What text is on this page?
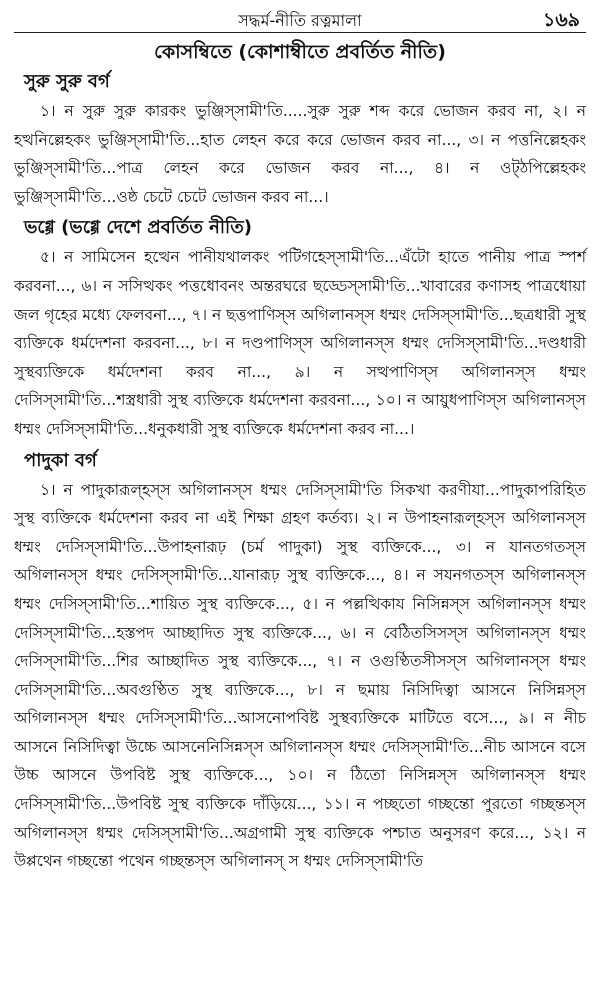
সদ্ধর্ম-নীতি রত্নমালা	১৬৯
কোসম্বিতে (কোশাম্বীতে প্রবর্তিত নীতি)
সুরু সুরু বর্গ

১। ন সুরু সুরু কারকং ভুঞ্জিস্সামী'তি.....সুরু সুরু শব্দ করে ভোজন করব না, ২। ন হত্থনিল্লেহকং ভুঞ্জিস্সামী'তি...হাত লেহন করে করে ভোজন করব না..., ৩। ন পত্তনিল্লেহকং ভুঞ্জিস্সামী'তি...পাত্র লেহন করে ভোজন করব না..., ৪। ন ওট্‌ঠপিল্লেহকং ভুঞ্জিস্সামী'তি...ওষ্ঠ চেটে চেটে ভোজন করব না...।

ভগ্গে (ভগ্গে দেশে প্রবর্তিত নীতি)

৫। ন সামিসেন হত্থেন পানীযথালকং পটিগহেস্সামী'তি...এঁটো হাতে পানীয় পাত্র স্পর্শ করবনা..., ৬। ন সসিত্থকং পত্তধোবনং অন্তরঘরে ছড্ডেস্সামী'তি...খাবারের কণাসহ পাত্রধোয়া জল গৃহের মধ্যে ফেলবনা..., ৭। ন ছত্তপাণিস্স অগিলানস্স ধম্মং দেসিস্সামী'তি...ছত্রধারী সুস্থ ব্যক্তিকে ধর্মদেশনা করবনা..., ৮। ন দণ্ডপাণিস্স অগিলানস্স ধম্মং দেসিস্সামী'তি...দণ্ডধারী সুস্থব্যক্তিকে ধর্মদেশনা করব না..., ৯। ন সত্থপাণিস্স অগিলানস্স ধম্মং দেসিস্সামী'তি...শস্ত্রধারী সুস্থ ব্যক্তিকে ধর্মদেশনা করবনা..., ১০। ন আয়ুধপাণিস্স অগিলানস্স ধম্মং দেসিস্সামী'তি...ধনুকধারী সুস্থ ব্যক্তিকে ধর্মদেশনা করব না...।

পাদুকা বর্গ

১। ন পাদুকারূল্হস্স অগিলানস্স ধম্মং দেসিস্সামী'তি সিকখা করণীযা...পাদুকাপরিহিত সুস্থ ব্যক্তিকে ধর্মদেশনা করব না এই শিক্ষা গ্রহণ কর্তব্য। ২। ন উপাহনারূল্হস্স অগিলানস্স ধম্মং দেসিস্সামী'তি...উপাহনারূঢ় (চর্ম পাদুকা) সুস্থ ব্যক্তিকে..., ৩। ন যানতগতস্স অগিলানস্স ধম্মং দেসিস্সামী'তি...যানারূঢ় সুস্থ ব্যক্তিকে..., ৪। ন সযনগতস্স অগিলানস্স ধম্মং দেসিস্সামী'তি...শায়িত সুস্থ ব্যক্তিকে..., ৫। ন পল্লত্থিকায নিসিন্নস্স অগিলানস্স ধম্মং দেসিস্সামী'তি...হস্তপদ আচ্ছাদিত সুস্থ ব্যক্তিকে..., ৬। ন বেঠিতসিসস্স অগিলানস্স ধম্মং দেসিস্সামী'তি...শির আচ্ছাদিত সুস্থ ব্যক্তিকে..., ৭। ন ওগুণ্ঠিতসীসস্স অগিলানস্স ধম্মং দেসিস্সামী'তি...অবগুণ্ঠিত সুস্থ ব্যক্তিকে..., ৮। ন ছমায় নিসিদিত্বা আসনে নিসিন্নস্স অগিলানস্স ধম্মং দেসিস্সামী'তি...আসনোপবিষ্ট সুস্থব্যক্তিকে মাটিতে বসে..., ৯। ন নীচ আসনে নিসিদিত্বা উচ্চে আসনেনিসিন্নস্স অগিলানস্স ধম্মং দেসিস্সামী'তি...নীচ আসনে বসে উচ্চ আসনে উপবিষ্ট সুস্থ ব্যক্তিকে..., ১০। ন ঠিতো নিসিন্নস্স অগিলানস্স ধম্মং দেসিস্সামী'তি...উপবিষ্ট সুস্থ ব্যক্তিকে দাঁড়িয়ে..., ১১। ন পচ্ছতো গচ্ছন্তো পুরতো গচ্ছন্তস্স অগিলানস্স ধম্মং দেসিস্সামী'তি...অগ্রগামী সুস্থ ব্যক্তিকে পশ্চাত অনুসরণ করে..., ১২। ন উপ্পথেন গচ্ছন্তো পথেন গচ্ছন্তস্স অগিলানস্ স ধম্মং দেসিস্সামী'তি
